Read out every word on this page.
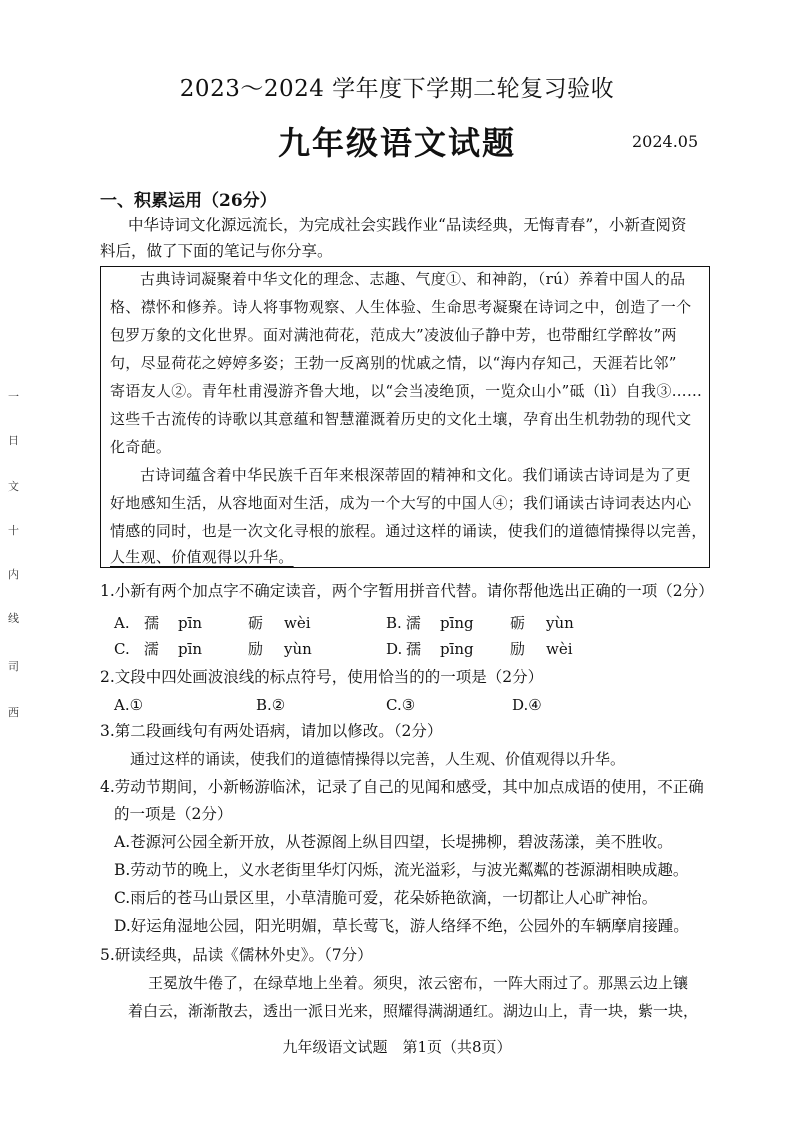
2023～2024 学年度下学期二轮复习验收
九年级语文试题	2024.05
一、积累运用（26分）
中华诗词文化源远流长，为完成社会实践作业“品读经典，无悔青春”，小新查阅资
料后，做了下面的笔记与你分享。
古典诗词凝聚着中华文化的理念、志趣、气度①、和神韵，（rú）养着中国人的品
格、襟怀和修养。诗人将事物观察、人生体验、生命思考凝聚在诗词之中，创造了一个
包罗万象的文化世界。面对满池荷花，范成大”凌波仙子静中芳，也带酣红学醉妆”两
句，尽显荷花之婷婷多姿；王勃一反离别的忧戚之情，以“海内存知己，天涯若比邻”
寄语友人②。青年杜甫漫游齐鲁大地，以“会当凌绝顶，一览众山小”砥（lì）自我③……
这些千古流传的诗歌以其意蕴和智慧灌溉着历史的文化土壤，孕育出生机勃勃的现代文
化奇葩。
古诗词蕴含着中华民族千百年来根深蒂固的精神和文化。我们诵读古诗词是为了更
好地感知生活，从容地面对生活，成为一个大写的中国人④；我们诵读古诗词表达内心
情感的同时，也是一次文化寻根的旅程。通过这样的诵读，使我们的道德情操得以完善，
人生观、价值观得以升华。
1.小新有两个加点字不确定读音，两个字暂用拼音代替。请你帮他选出正确的一项（2分）
A. 孺 pīn	砺 wèi	B. 濡 pīng 砺 yùn
C. 濡 pīn	励 yùn	D. 孺 pīng 励 wèi
2.文段中四处画波浪线的标点符号，使用恰当的的一项是（2分）
A.①	B.②	C.③	D.④
3.第二段画线句有两处语病，请加以修改。（2分）
通过这样的诵读，使我们的道德情操得以完善，人生观、价值观得以升华。
4.劳动节期间，小新畅游临沭，记录了自己的见闻和感受，其中加点成语的使用，不正确
的一项是（2分）
A.苍源河公园全新开放，从苍源阁上纵目四望，长堤拂柳，碧波荡漾，美不胜收。
B.劳动节的晚上，义水老街里华灯闪烁，流光溢彩，与波光粼粼的苍源湖相映成趣。
C.雨后的苍马山景区里，小草清脆可爱，花朵娇艳欲滴，一切都让人心旷神怡。
D.好运角湿地公园，阳光明媚，草长莺飞，游人络绎不绝，公园外的车辆摩肩接踵。
5.研读经典，品读《儒林外史》。（7分）
王冕放牛倦了，在绿草地上坐着。须臾，浓云密布，一阵大雨过了。那黑云边上镶
着白云，渐渐散去，透出一派日光来，照耀得满湖通红。湖边山上，青一块，紫一块，
九年级语文试题　第1页（共8页）
一
日
文
十
内
线
司
西
